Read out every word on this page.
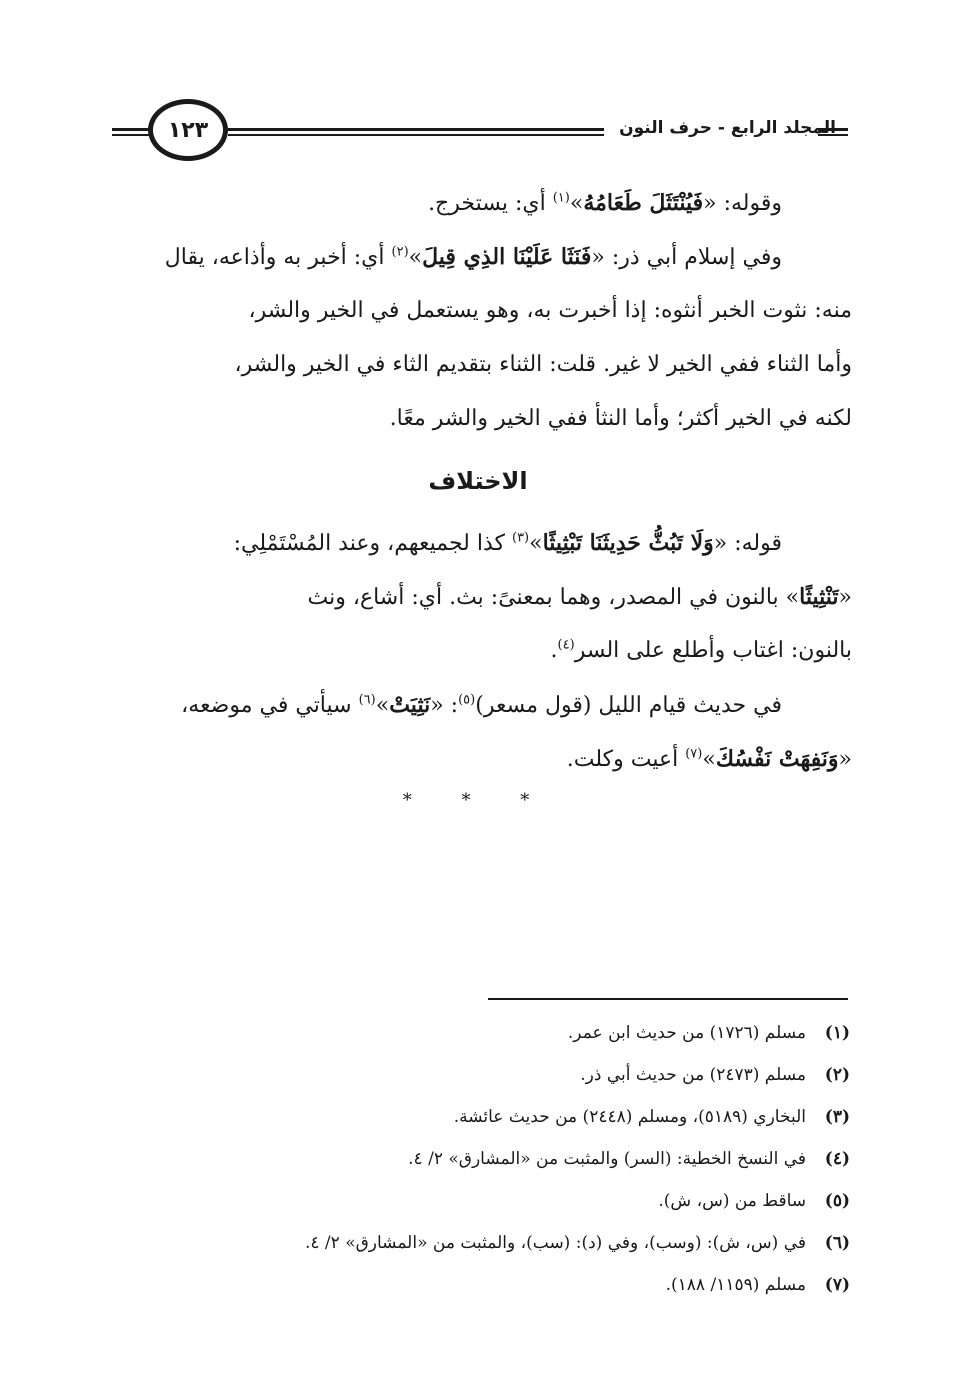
المجلد الرابع - حرف النون
١٢٣
وقوله: «فَيُنْتَثَلَ طَعَامُهُ»$^{(١)}$ أي: يستخرج.
وفي إسلام أبي ذر: «فَنَثَا عَلَيْنَا الذِي قِيلَ»$^{(٢)}$ أي: أخبر به وأذاعه، يقال
منه: نثوت الخبر أنثوه: إذا أخبرت به، وهو يستعمل في الخير والشر،
وأما الثناء ففي الخير لا غير. قلت: الثناء بتقديم الثاء في الخير والشر،
لكنه في الخير أكثر؛ وأما النثأ ففي الخير والشر معًا.
الاختلاف
قوله: «وَلَا تَبُثُّ حَدِيثَنَا تَبْثِيثًا»$^{(٣)}$ كذا لجميعهم، وعند المُسْتَمْلِي:
«تَنْثِيثًا» بالنون في المصدر، وهما بمعنىً: بث. أي: أشاع، ونث
بالنون: اغتاب وأطلع على السر$^{(٤)}$.
في حديث قيام الليل (قول مسعر)$^{(٥)}$: «نَثِيَتْ»$^{(٦)}$ سيأتي في موضعه،
«وَنَفِهَتْ نَفْسُكَ»$^{(٧)}$ أعيت وكلت.
* * *
(١)
مسلم (١٧٢٦) من حديث ابن عمر.
(٢)
مسلم (٢٤٧٣) من حديث أبي ذر.
(٣)
البخاري (٥١٨٩)، ومسلم (٢٤٤٨) من حديث عائشة.
(٤)
في النسخ الخطية: (السر) والمثبت من «المشارق» ٢/ ٤.
(٥)
ساقط من (س، ش).
(٦)
في (س، ش): (وسب)، وفي (د): (سب)، والمثبت من «المشارق» ٢/ ٤.
(٧)
مسلم (١١٥٩/ ١٨٨).
